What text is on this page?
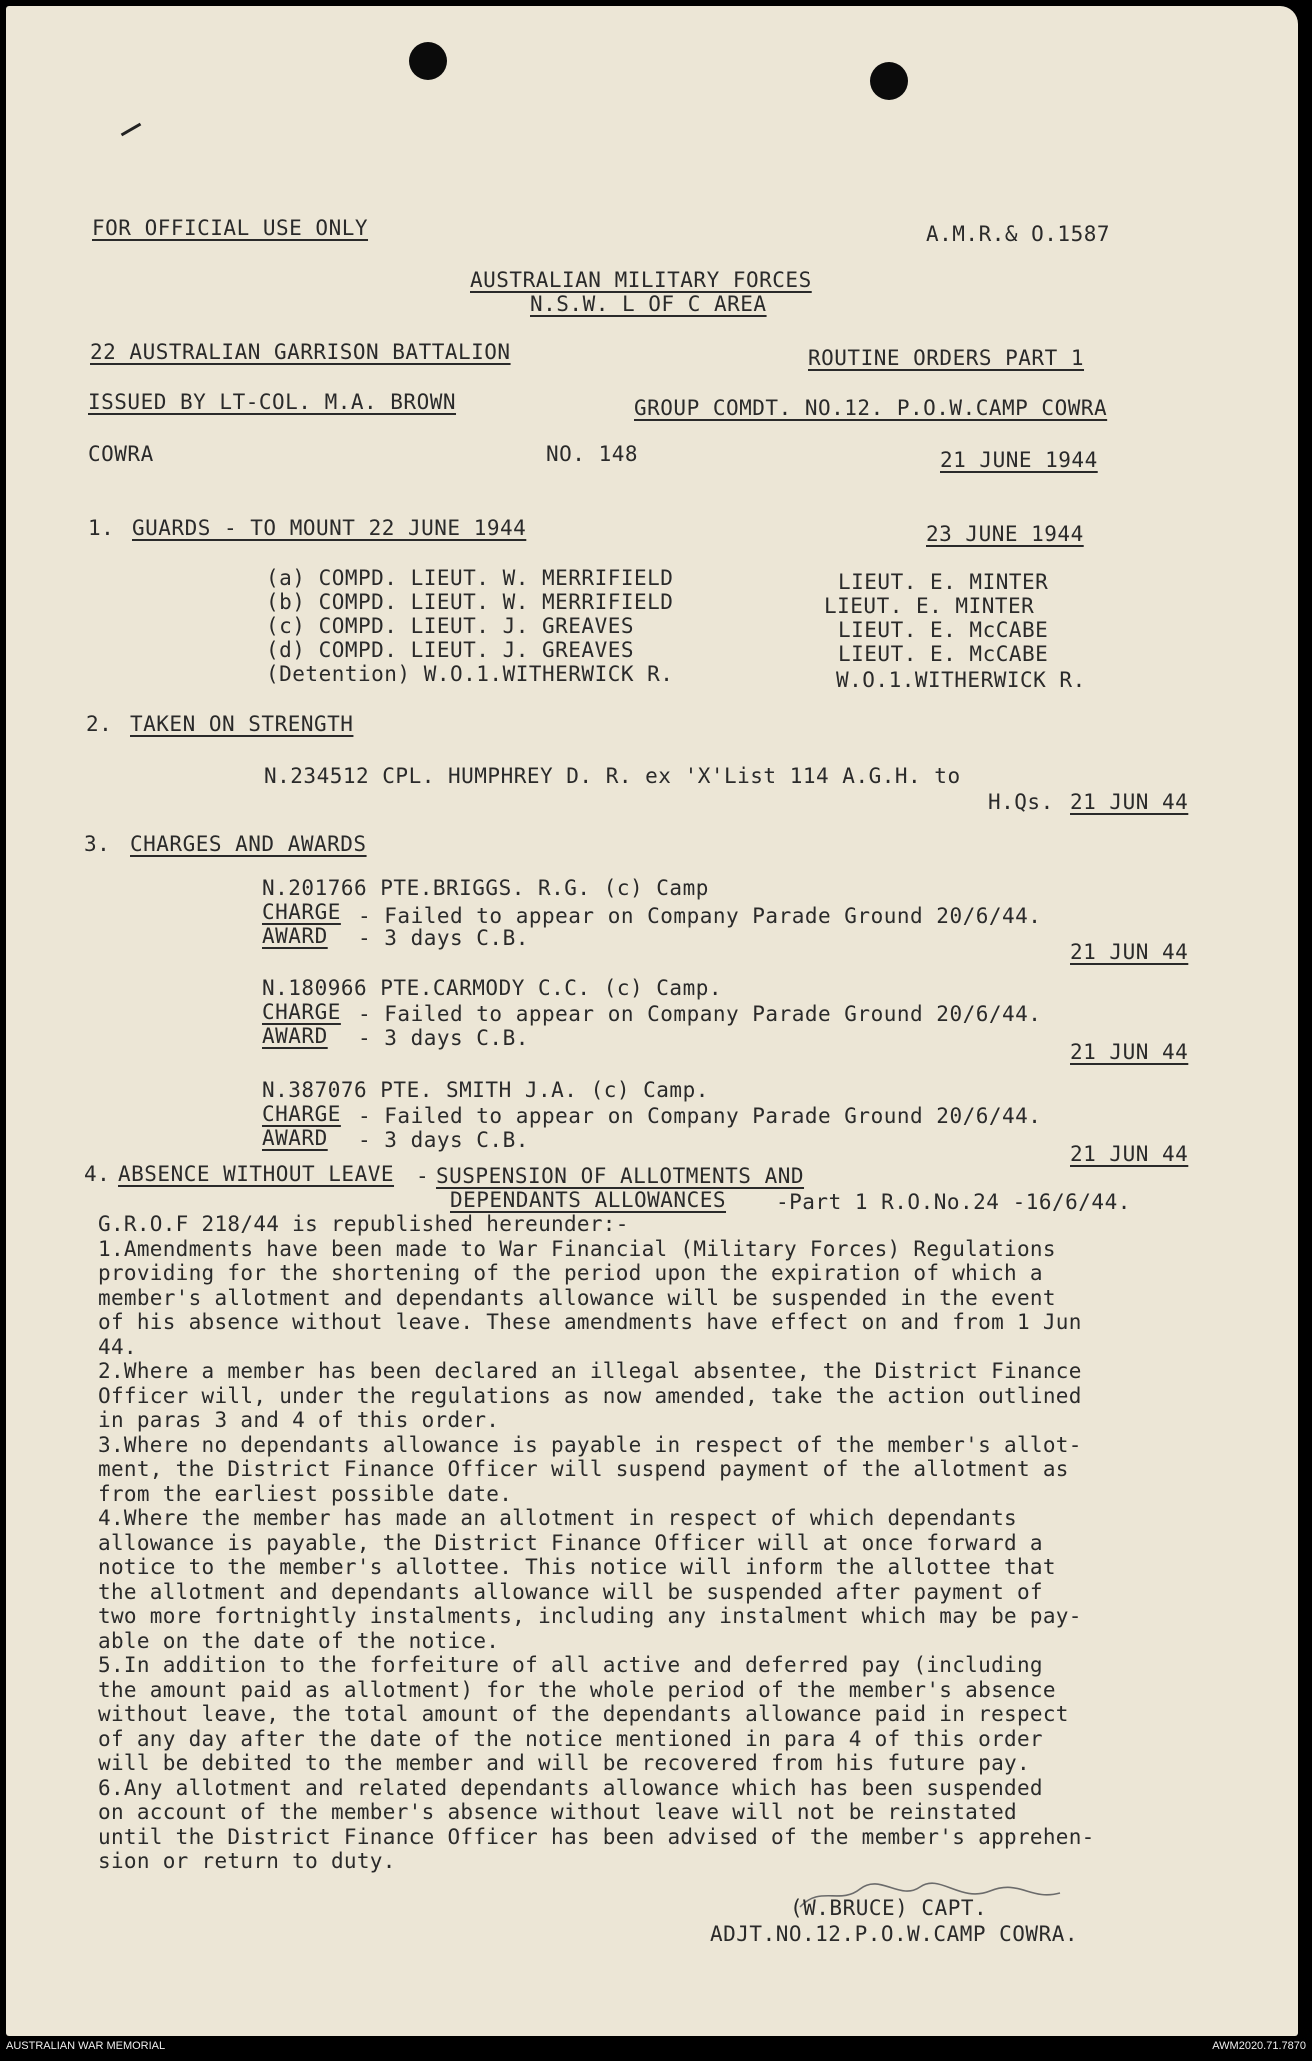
FOR OFFICIAL USE ONLY	A.M.R.& O.1587
AUSTRALIAN MILITARY FORCES
N.S.W. L OF C AREA
22 AUSTRALIAN GARRISON BATTALION	ROUTINE ORDERS PART 1
ISSUED BY LT-COL. M.A. BROWN	GROUP COMDT. NO.12. P.O.W.CAMP COWRA
COWRA	NO. 148	21 JUNE 1944
1. GUARDS - TO MOUNT 22 JUNE 1944	23 JUNE 1944
(a) COMPD. LIEUT. W. MERRIFIELD	LIEUT. E. MINTER
(b) COMPD. LIEUT. W. MERRIFIELD	LIEUT. E. MINTER
(c) COMPD. LIEUT. J. GREAVES	LIEUT. E. McCABE
(d) COMPD. LIEUT. J. GREAVES	LIEUT. E. McCABE
(Detention) W.O.1.WITHERWICK R.	W.O.1.WITHERWICK R.
2. TAKEN ON STRENGTH
N.234512 CPL. HUMPHREY D. R. ex 'X'List 114 A.G.H. to
H.Qs. 21 JUN 44
3. CHARGES AND AWARDS
N.201766 PTE.BRIGGS. R.G. (c) Camp
CHARGE - Failed to appear on Company Parade Ground 20/6/44.
AWARD - 3 days C.B.
21 JUN 44
N.180966 PTE.CARMODY C.C. (c) Camp.
CHARGE - Failed to appear on Company Parade Ground 20/6/44.
AWARD - 3 days C.B.
21 JUN 44
N.387076 PTE. SMITH J.A. (c) Camp.
CHARGE - Failed to appear on Company Parade Ground 20/6/44.
AWARD - 3 days C.B.
21 JUN 44
4. ABSENCE WITHOUT LEAVE - SUSPENSION OF ALLOTMENTS AND
DEPENDANTS ALLOWANCES -Part 1 R.O.No.24 -16/6/44.
G.R.O.F 218/44 is republished hereunder:-
1.Amendments have been made to War Financial (Military Forces) Regulations
providing for the shortening of the period upon the expiration of which a
member's allotment and dependants allowance will be suspended in the event
of his absence without leave. These amendments have effect on and from 1 Jun
44.
2.Where a member has been declared an illegal absentee, the District Finance
Officer will, under the regulations as now amended, take the action outlined
in paras 3 and 4 of this order.
3.Where no dependants allowance is payable in respect of the member's allot-
ment, the District Finance Officer will suspend payment of the allotment as
from the earliest possible date.
4.Where the member has made an allotment in respect of which dependants
allowance is payable, the District Finance Officer will at once forward a
notice to the member's allottee. This notice will inform the allottee that
the allotment and dependants allowance will be suspended after payment of
two more fortnightly instalments, including any instalment which may be pay-
able on the date of the notice.
5.In addition to the forfeiture of all active and deferred pay (including
the amount paid as allotment) for the whole period of the member's absence
without leave, the total amount of the dependants allowance paid in respect
of any day after the date of the notice mentioned in para 4 of this order
will be debited to the member and will be recovered from his future pay.
6.Any allotment and related dependants allowance which has been suspended
on account of the member's absence without leave will not be reinstated
until the District Finance Officer has been advised of the member's apprehen-
sion or return to duty.
(W.BRUCE) CAPT.
ADJT.NO.12.P.O.W.CAMP COWRA.
AUSTRALIAN WAR MEMORIAL	AWM2020.71.7870
